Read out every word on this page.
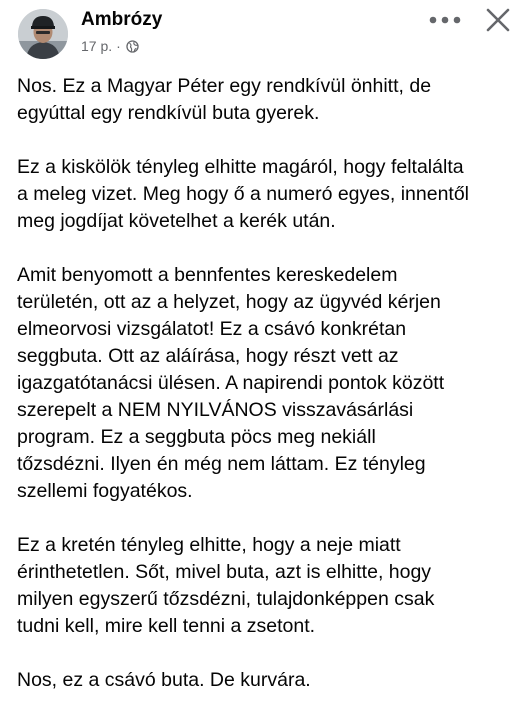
Ambrózy
17 p. ·

Nos. Ez a Magyar Péter egy rendkívül önhitt, de
egyúttal egy rendkívül buta gyerek.

Ez a kiskölök tényleg elhitte magáról, hogy feltalálta
a meleg vizet. Meg hogy ő a numeró egyes, innentől
meg jogdíjat követelhet a kerék után.

Amit benyomott a bennfentes kereskedelem
területén, ott az a helyzet, hogy az ügyvéd kérjen
elmeorvosi vizsgálatot! Ez a csávó konkrétan
seggbuta. Ott az aláírása, hogy részt vett az
igazgatótanácsi ülésen. A napirendi pontok között
szerepelt a NEM NYILVÁNOS visszavásárlási
program. Ez a seggbuta pöcs meg nekiáll
tőzsdézni. Ilyen én még nem láttam. Ez tényleg
szellemi fogyatékos.

Ez a kretén tényleg elhitte, hogy a neje miatt
érinthetetlen. Sőt, mivel buta, azt is elhitte, hogy
milyen egyszerű tőzsdézni, tulajdonképpen csak
tudni kell, mire kell tenni a zsetont.

Nos, ez a csávó buta. De kurvára.
